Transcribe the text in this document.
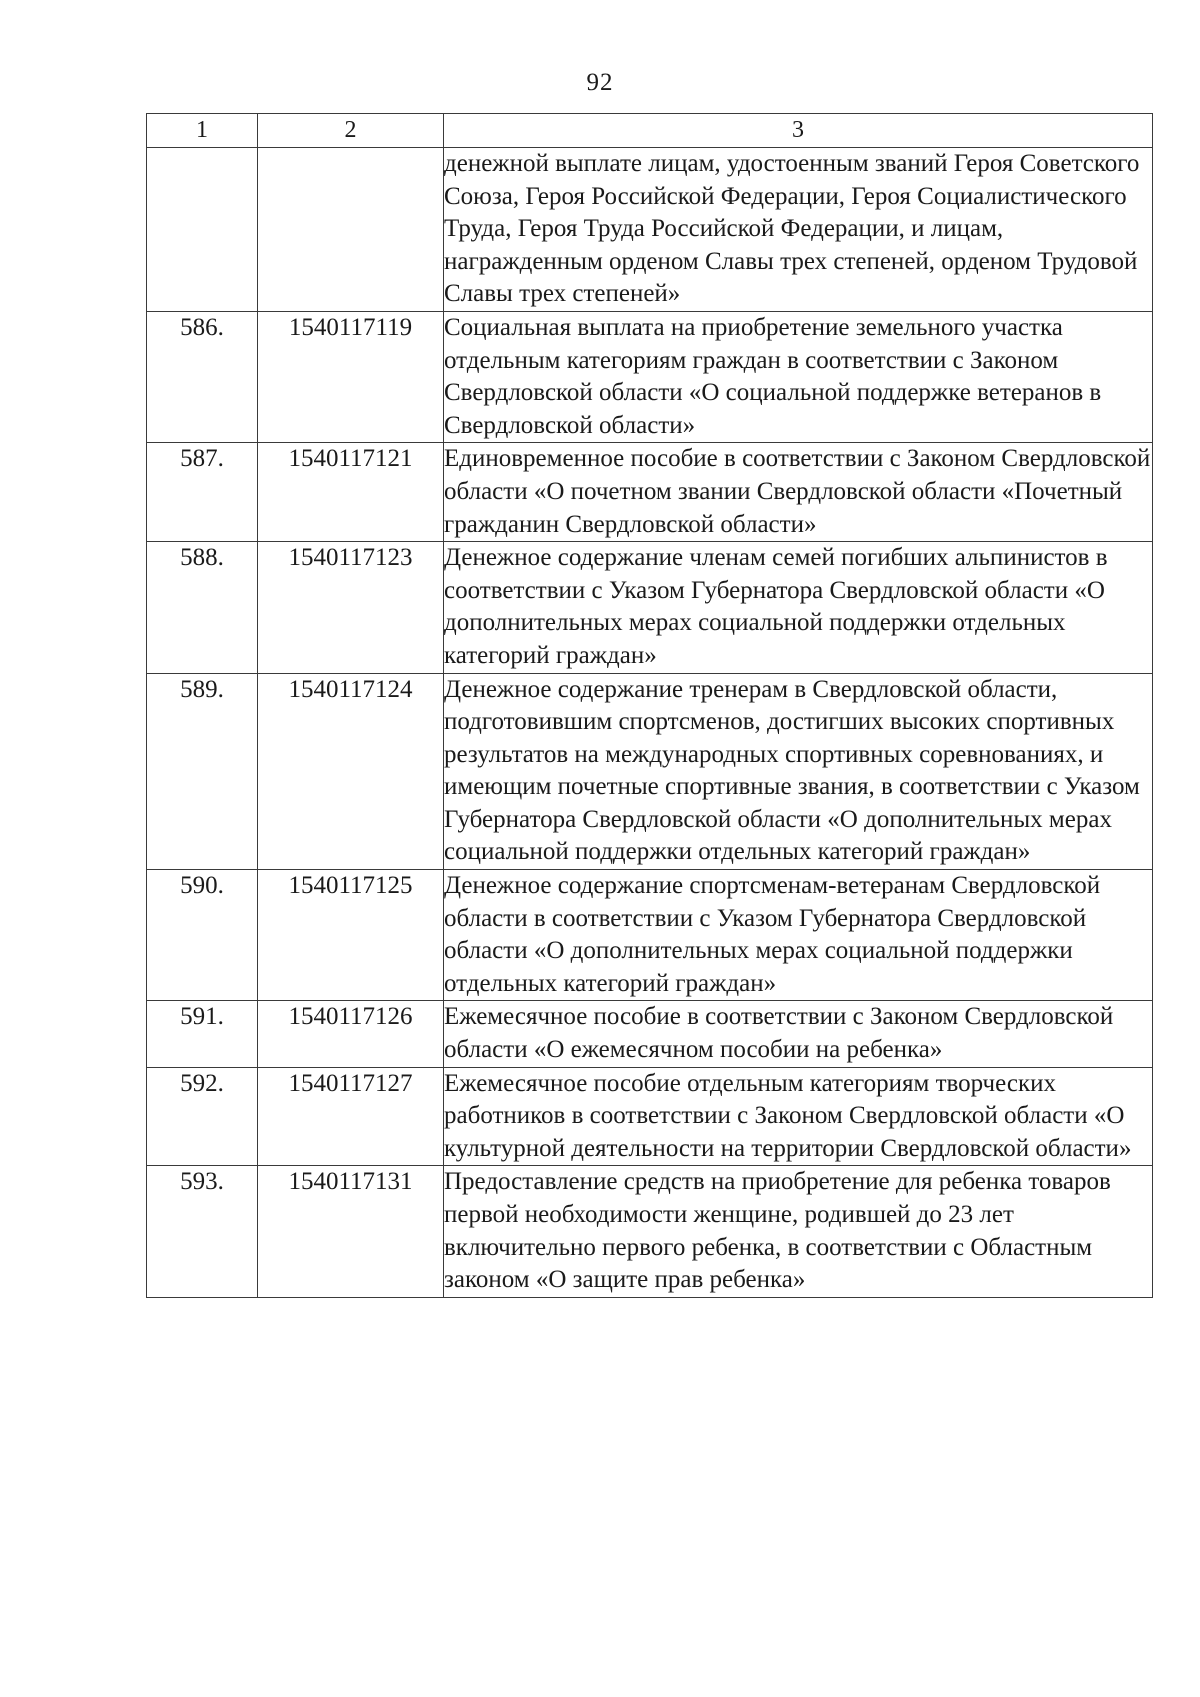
92
1	2	3
		денежной выплате лицам, удостоенным званий Героя Советского Союза, Героя Российской Федерации, Героя Социалистического Труда, Героя Труда Российской Федерации, и лицам, награжденным орденом Славы трех степеней, орденом Трудовой Славы трех степеней»
586.	1540117119	Социальная выплата на приобретение земельного участка отдельным категориям граждан в соответствии с Законом Свердловской области «О социальной поддержке ветеранов в Свердловской области»
587.	1540117121	Единовременное пособие в соответствии с Законом Свердловской области «О почетном звании Свердловской области «Почетный гражданин Свердловской области»
588.	1540117123	Денежное содержание членам семей погибших альпинистов в соответствии с Указом Губернатора Свердловской области «О дополнительных мерах социальной поддержки отдельных категорий граждан»
589.	1540117124	Денежное содержание тренерам в Свердловской области, подготовившим спортсменов, достигших высоких спортивных результатов на международных спортивных соревнованиях, и имеющим почетные спортивные звания, в соответствии с Указом Губернатора Свердловской области «О дополнительных мерах социальной поддержки отдельных категорий граждан»
590.	1540117125	Денежное содержание спортсменам-ветеранам Свердловской области в соответствии с Указом Губернатора Свердловской области «О дополнительных мерах социальной поддержки отдельных категорий граждан»
591.	1540117126	Ежемесячное пособие в соответствии с Законом Свердловской области «О ежемесячном пособии на ребенка»
592.	1540117127	Ежемесячное пособие отдельным категориям творческих работников в соответствии с Законом Свердловской области «О культурной деятельности на территории Свердловской области»
593.	1540117131	Предоставление средств на приобретение для ребенка товаров первой необходимости женщине, родившей до 23 лет включительно первого ребенка, в соответствии с Областным законом «О защите прав ребенка»
